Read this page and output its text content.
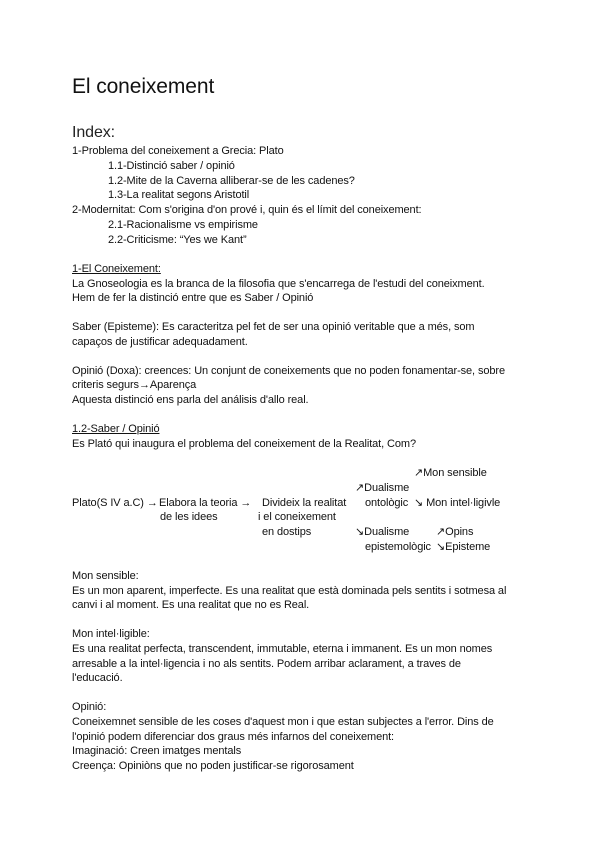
El coneixement
Index:
1-Problema del coneixement a Grecia: Plato
1.1-Distinció saber / opinió
1.2-Mite de la Caverna alliberar-se de les cadenes?
1.3-La realitat segons Aristotil
2-Modernitat: Com s'origina d'on prové i, quin és el límit del coneixement:
2.1-Racionalisme vs empirisme
2.2-Criticisme: “Yes we Kant”
1-El Coneixement:
La Gnoseologia es la branca de la filosofia que s'encarrega de l'estudi del coneixment.
Hem de fer la distinció entre que es Saber / Opinió
Saber (Episteme): Es caracteritza pel fet de ser una opinió veritable que a més, som
capaços de justificar adequadament.
Opinió (Doxa): creences: Un conjunt de coneixements que no poden fonamentar-se, sobre
criteris segurs→Aparença
Aquesta distinció ens parla del análisis d'allo real.
1.2-Saber / Opinió
Es Plató qui inaugura el problema del coneixement de la Realitat, Com?
↗Mon sensible
↗Dualisme
Plato(S IV a.C) → Elabora la teoria → Divideix la realitat ontològic ↘ Mon intel·ligivle
de les idees	i el coneixement
en dostips	↘Dualisme ↗Opins
epistemològic ↘Episteme
Mon sensible:
Es un mon aparent, imperfecte. Es una realitat que està dominada pels sentits i sotmesa al
canvi i al moment. Es una realitat que no es Real.
Mon intel·ligible:
Es una realitat perfecta, transcendent, immutable, eterna i immanent. Es un mon nomes
arresable a la intel·ligencia i no als sentits. Podem arribar aclarament, a traves de
l'educació.
Opinió:
Coneixemnet sensible de les coses d'aquest mon i que estan subjectes a l'error. Dins de
l'opinió podem diferenciar dos graus més infarnos del coneixement:
Imaginació: Creen imatges mentals
Creença: Opiniòns que no poden justificar-se rigorosament
